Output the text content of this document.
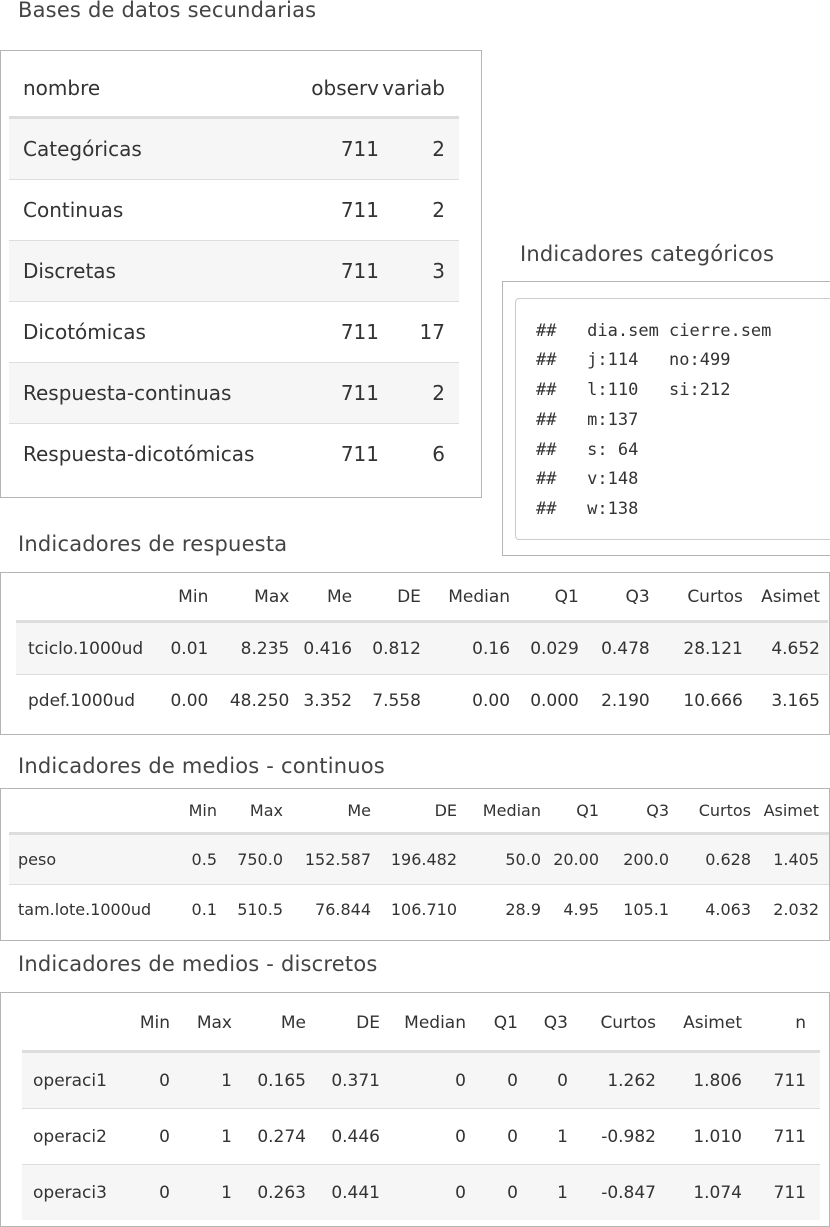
Bases de datos secundarias
nombre	observ	variab
Categóricas	711	2
Continuas	711	2
Discretas	711	3
Dicotómicas	711	17
Respuesta-continuas	711	2
Respuesta-dicotómicas	711	6
Indicadores categóricos
##   dia.sem cierre.sem
##   j:114   no:499
##   l:110   si:212
##   m:137
##   s: 64
##   v:148
##   w:138
Indicadores de respuesta
	Min	Max	Me	DE	Median	Q1	Q3	Curtos	Asimet
tciclo.1000ud	0.01	8.235	0.416	0.812	0.16	0.029	0.478	28.121	4.652
pdef.1000ud	0.00	48.250	3.352	7.558	0.00	0.000	2.190	10.666	3.165
Indicadores de medios - continuos
	Min	Max	Me	DE	Median	Q1	Q3	Curtos	Asimet
peso	0.5	750.0	152.587	196.482	50.0	20.00	200.0	0.628	1.405
tam.lote.1000ud	0.1	510.5	76.844	106.710	28.9	4.95	105.1	4.063	2.032
Indicadores de medios - discretos
	Min	Max	Me	DE	Median	Q1	Q3	Curtos	Asimet	n
operaci1	0	1	0.165	0.371	0	0	0	1.262	1.806	711
operaci2	0	1	0.274	0.446	0	0	1	-0.982	1.010	711
operaci3	0	1	0.263	0.441	0	0	1	-0.847	1.074	711
